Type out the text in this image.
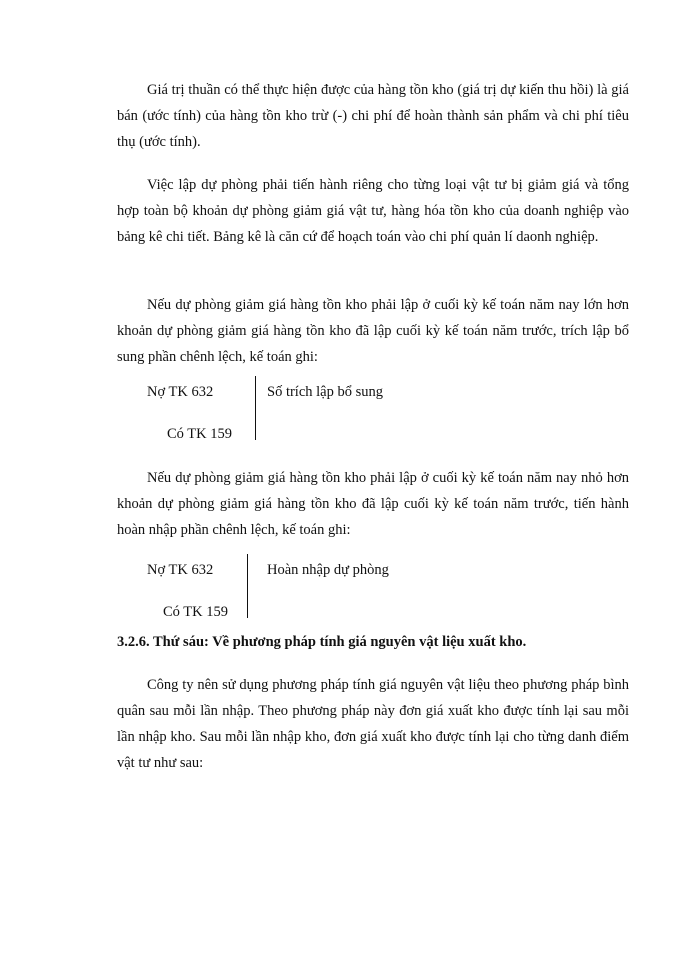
Giá trị thuần có thể thực hiện được của hàng tồn kho (giá trị dự kiến thu hồi) là giá bán (ước tính) của hàng tồn kho trừ (-) chi phí để hoàn thành sản phẩm và chi phí tiêu thụ (ước tính).

Việc lập dự phòng phải tiến hành riêng cho từng loại vật tư bị giảm giá và tổng hợp toàn bộ khoản dự phòng giảm giá vật tư, hàng hóa tồn kho của doanh nghiệp vào bảng kê chi tiết. Bảng kê là căn cứ để hoạch toán vào chi phí quản lí daonh nghiệp.

Nếu dự phòng giảm giá hàng tồn kho phải lập ở cuối kỳ kế toán năm nay lớn hơn khoản dự phòng giảm giá hàng tồn kho đã lập cuối kỳ kế toán năm trước, trích lập bổ sung phần chênh lệch, kế toán ghi:

Nợ TK 632
Có TK 159
Số trích lập bổ sung

Nếu dự phòng giảm giá hàng tồn kho phải lập ở cuối kỳ kế toán năm nay nhỏ hơn khoản dự phòng giảm giá hàng tồn kho đã lập cuối kỳ kế toán năm trước, tiến hành hoàn nhập phần chênh lệch, kế toán ghi:

Nợ TK 632
Có TK 159
Hoàn nhập dự phòng

3.2.6. Thứ sáu: Về phương pháp tính giá nguyên vật liệu xuất kho.

Công ty nên sử dụng phương pháp tính giá nguyên vật liệu theo phương pháp bình quân sau mỗi lần nhập. Theo phương pháp này đơn giá xuất kho được tính lại sau mỗi lần nhập kho. Sau mỗi lần nhập kho, đơn giá xuất kho được tính lại cho từng danh điểm vật tư như sau:
